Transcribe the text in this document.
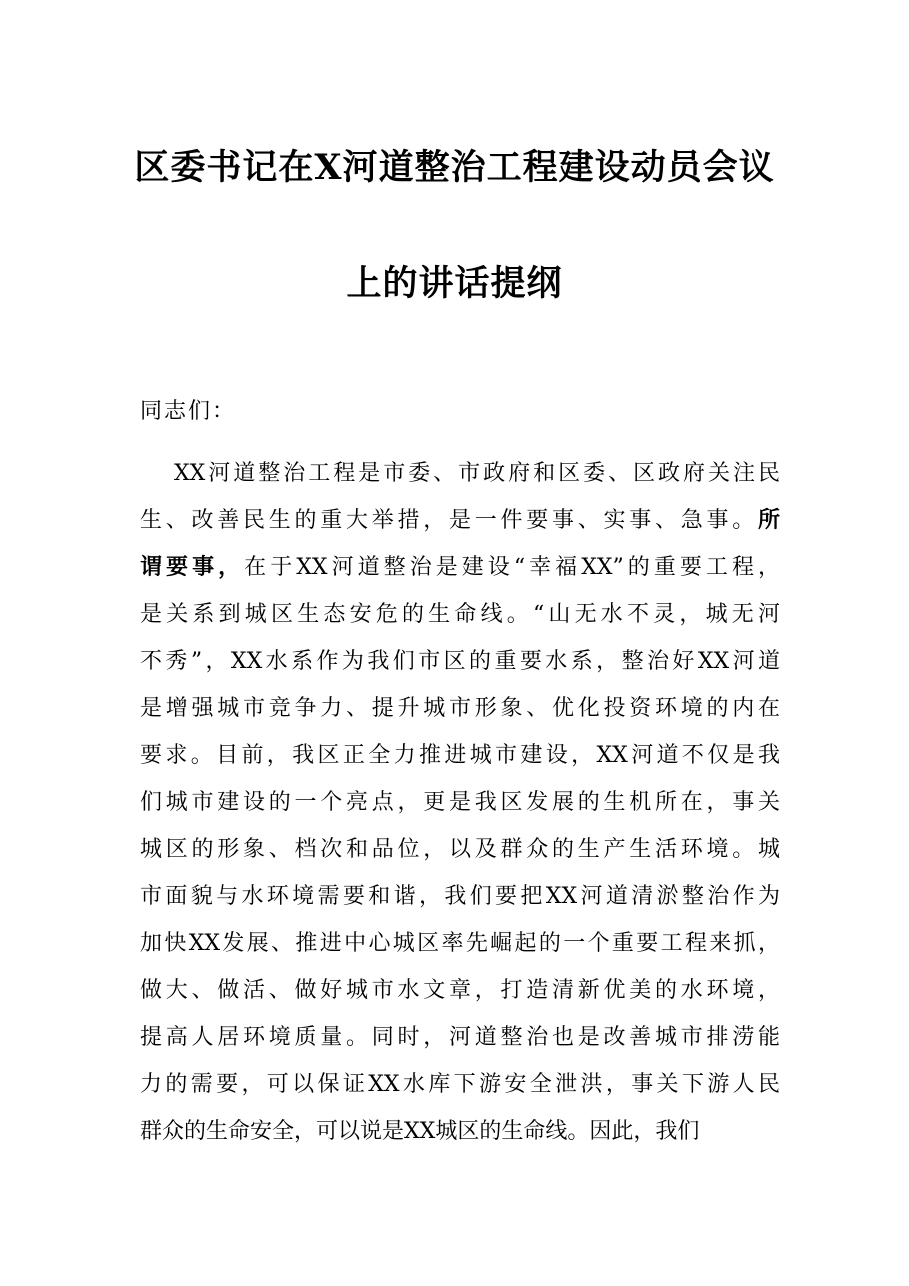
区委书记在X河道整治工程建设动员会议
上的讲话提纲
同志们：
XX河道整治工程是市委、市政府和区委、区政府关注民
生、改善民生的重大举措，是一件要事、实事、急事。所
谓要事，在于XX河道整治是建设“幸福XX”的重要工程，
是关系到城区生态安危的生命线。“山无水不灵，城无河
不秀”，XX水系作为我们市区的重要水系，整治好XX河道
是增强城市竞争力、提升城市形象、优化投资环境的内在
要求。目前，我区正全力推进城市建设，XX河道不仅是我
们城市建设的一个亮点，更是我区发展的生机所在，事关
城区的形象、档次和品位，以及群众的生产生活环境。城
市面貌与水环境需要和谐，我们要把XX河道清淤整治作为
加快XX发展、推进中心城区率先崛起的一个重要工程来抓，
做大、做活、做好城市水文章，打造清新优美的水环境，
提高人居环境质量。同时，河道整治也是改善城市排涝能
力的需要，可以保证XX水库下游安全泄洪，事关下游人民
群众的生命安全，可以说是XX城区的生命线。因此，我们
